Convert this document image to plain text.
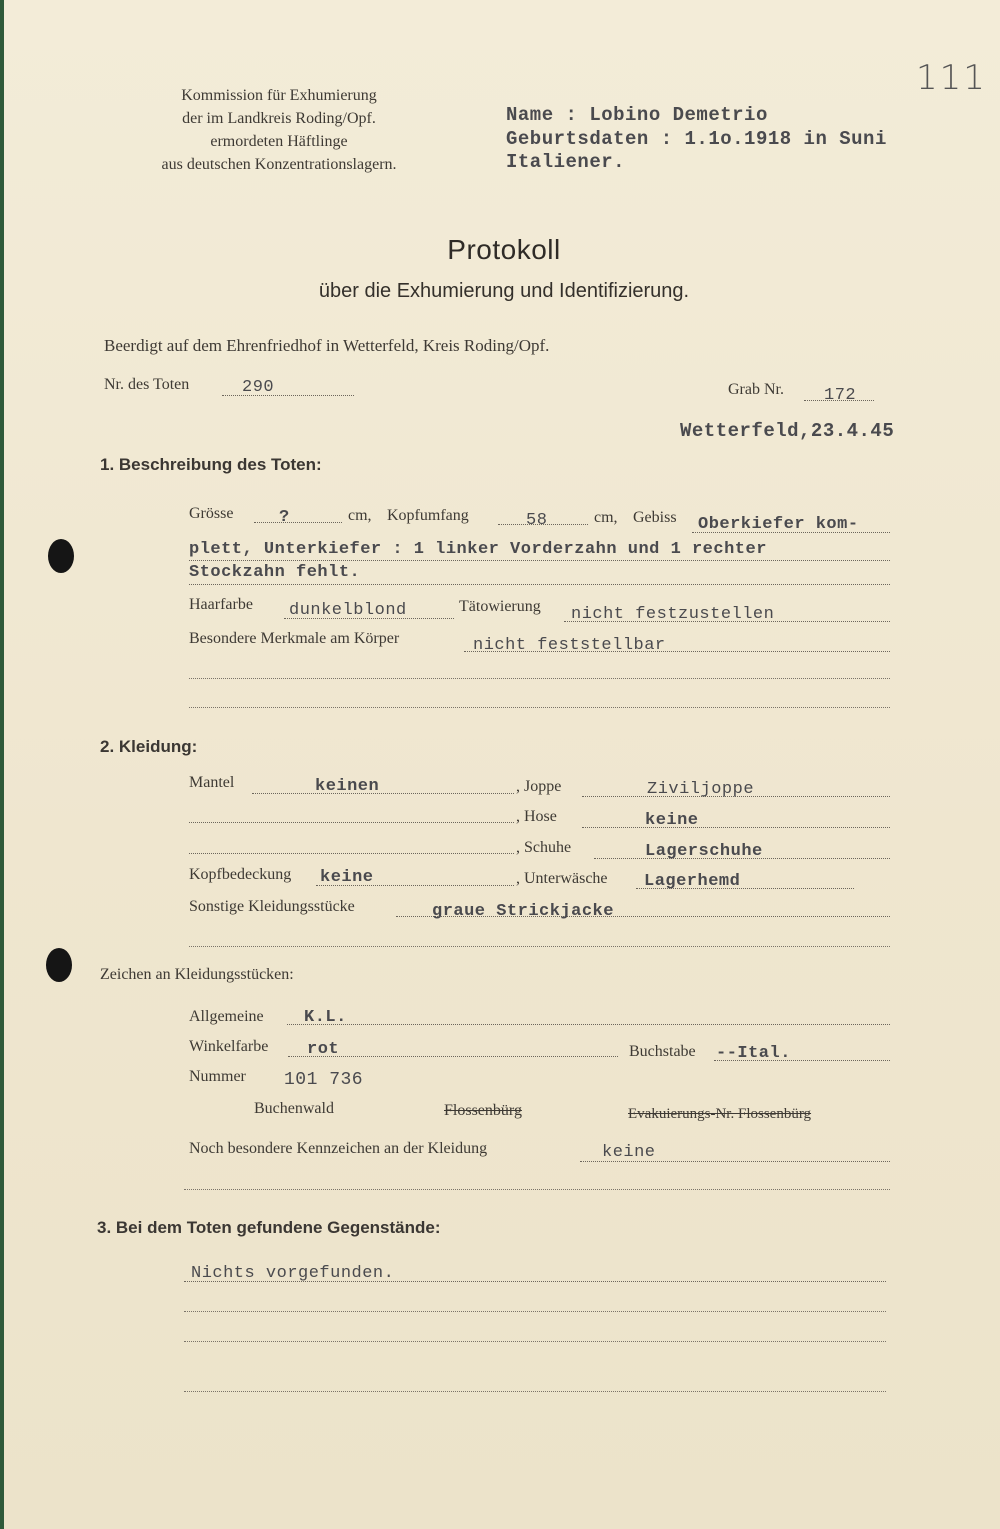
111
Kommission für Exhumierung
der im Landkreis Roding/Opf.
ermordeten Häftlinge
aus deutschen Konzentrationslagern.
Name : Lobino Demetrio
Geburtsdaten : 1.1o.1918 in Suni
Italiener.
Protokoll
über die Exhumierung und Identifizierung.
Beerdigt auf dem Ehrenfriedhof in Wetterfeld, Kreis Roding/Opf.
Nr. des Toten	290	Grab Nr. 172
Wetterfeld,23.4.45
1. Beschreibung des Toten:
Grösse	?	cm, Kopfumfang	58	cm, Gebiss Oberkiefer kom-
plett, Unterkiefer : 1 linker Vorderzahn und 1 rechter
Stockzahn fehlt.
Haarfarbe dunkelblond	Tätowierung nicht festzustellen
Besondere Merkmale am Körper	nicht feststellbar
2. Kleidung:
Mantel	keinen	, Joppe	Ziviljoppe
, Hose	keine
, Schuhe	Lagerschuhe
Kopfbedeckung keine	, Unterwäsche Lagerhemd
Sonstige Kleidungsstücke	graue Strickjacke
Zeichen an Kleidungsstücken:
Allgemeine K.L.
Winkelfarbe rot	Buchstabe --Ital.
Nummer 101 736
Buchenwald	Flossenbürg	Evakuierungs-Nr. Flossenbürg
Noch besondere Kennzeichen an der Kleidung	keine
3. Bei dem Toten gefundene Gegenstände:
Nichts vorgefunden.
